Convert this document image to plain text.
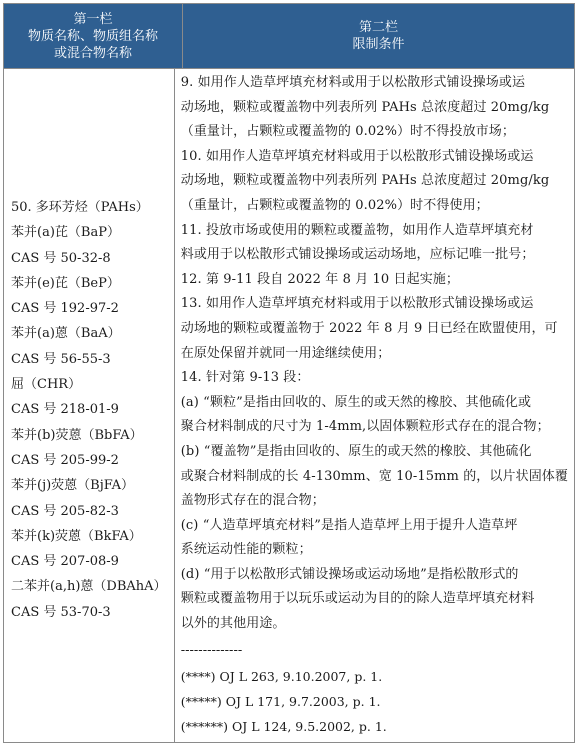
第一栏
物质名称、物质组名称
或混合物名称
第二栏
限制条件
50. 多环芳烃（PAHs）
苯并(a)芘（BaP）
CAS 号 50-32-8
苯并(e)芘（BeP）
CAS 号 192-97-2
苯并(a)蒽（BaA）
CAS 号 56-55-3
屈（CHR）
CAS 号 218-01-9
苯并(b)荧蒽（BbFA）
CAS 号 205-99-2
苯并(j)荧蒽（BjFA）
CAS 号 205-82-3
苯并(k)荧蒽（BkFA）
CAS 号 207-08-9
二苯并(a,h)蒽（DBAhA）
CAS 号 53-70-3
9. 如用作人造草坪填充材料或用于以松散形式铺设操场或运
动场地，颗粒或覆盖物中列表所列 PAHs 总浓度超过 20mg/kg
（重量计，占颗粒或覆盖物的 0.02%）时不得投放市场；
10. 如用作人造草坪填充材料或用于以松散形式铺设操场或运
动场地，颗粒或覆盖物中列表所列 PAHs 总浓度超过 20mg/kg
（重量计，占颗粒或覆盖物的 0.02%）时不得使用；
11. 投放市场或使用的颗粒或覆盖物，如用作人造草坪填充材
料或用于以松散形式铺设操场或运动场地，应标记唯一批号；
12. 第 9-11 段自 2022 年 8 月 10 日起实施；
13. 如用作人造草坪填充材料或用于以松散形式铺设操场或运
动场地的颗粒或覆盖物于 2022 年 8 月 9 日已经在欧盟使用，可
在原处保留并就同一用途继续使用；
14. 针对第 9-13 段：
(a) “颗粒”是指由回收的、原生的或天然的橡胶、其他硫化或
聚合材料制成的尺寸为 1-4mm,以固体颗粒形式存在的混合物；
(b) “覆盖物”是指由回收的、原生的或天然的橡胶、其他硫化
或聚合材料制成的长 4-130mm、宽 10-15mm 的，以片状固体覆
盖物形式存在的混合物；
(c) “人造草坪填充材料”是指人造草坪上用于提升人造草坪
系统运动性能的颗粒；
(d) “用于以松散形式铺设操场或运动场地”是指松散形式的
颗粒或覆盖物用于以玩乐或运动为目的的除人造草坪填充材料
以外的其他用途。
--------------
(****) OJ L 263, 9.10.2007, p. 1.
(*****) OJ L 171, 9.7.2003, p. 1.
(******) OJ L 124, 9.5.2002, p. 1.
